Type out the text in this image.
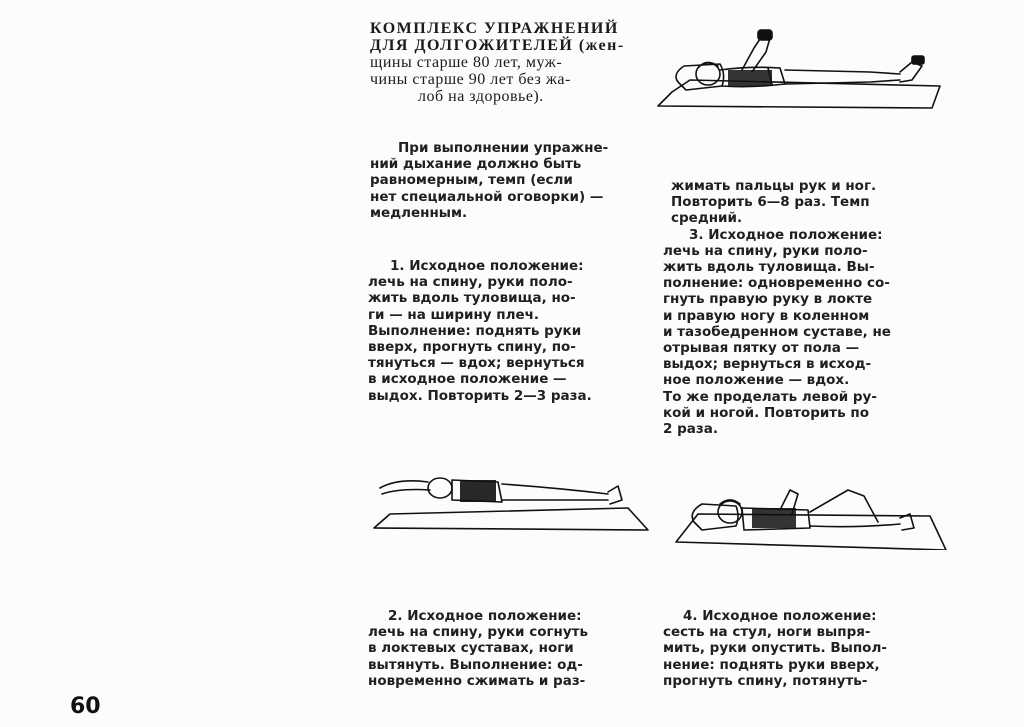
КОМПЛЕКС УПРАЖНЕНИЙ
ДЛЯ ДОЛГОЖИТЕЛЕЙ (жен-
щины старше 80 лет, муж-
чины старше 90 лет без жа-
лоб на здоровье).
При выполнении упражне-
ний дыхание должно быть
равномерным, темп (если
нет специальной оговорки) —
медленным.
1. Исходное положение:
лечь на спину, руки поло-
жить вдоль туловища, но-
ги — на ширину плеч.
Выполнение: поднять руки
вверх, прогнуть спину, по-
тянуться — вдох; вернуться
в исходное положение —
выдох. Повторить 2—3 раза.
2. Исходное положение:
лечь на спину, руки согнуть
в локтевых суставах, ноги
вытянуть. Выполнение: од-
новременно сжимать и раз-
жимать пальцы рук и ног.
Повторить 6—8 раз. Темп
средний.
3. Исходное положение:
лечь на спину, руки поло-
жить вдоль туловища. Вы-
полнение: одновременно со-
гнуть правую руку в локте
и правую ногу в коленном
и тазобедренном суставе, не
отрывая пятку от пола —
выдох; вернуться в исход-
ное положение — вдох.
То же проделать левой ру-
кой и ногой. Повторить по
2 раза.
4. Исходное положение:
сесть на стул, ноги выпря-
мить, руки опустить. Выпол-
нение: поднять руки вверх,
прогнуть спину, потянуть-
60
